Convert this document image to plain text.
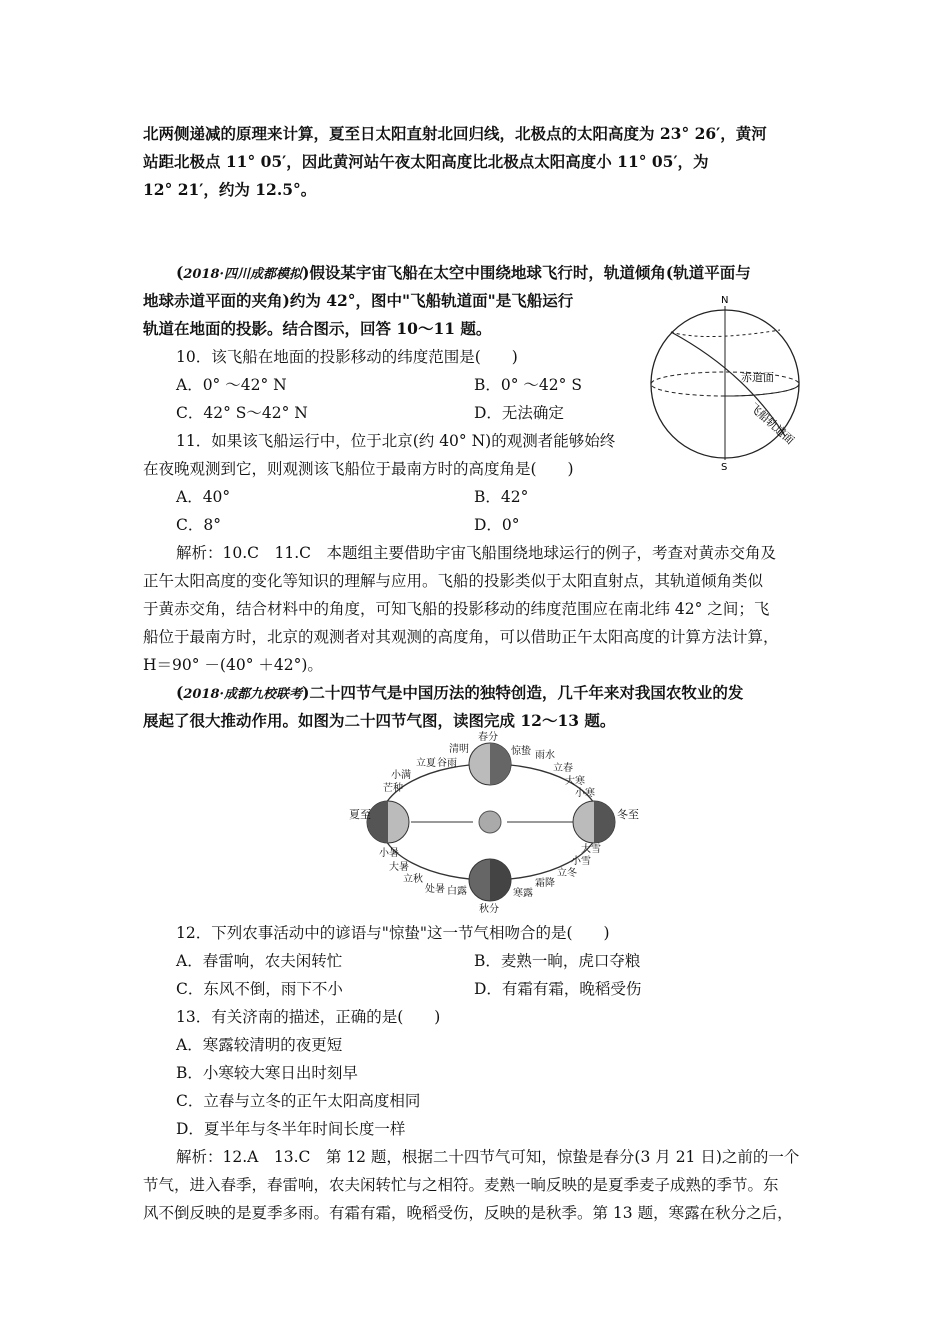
北两侧递减的原理来计算，夏至日太阳直射北回归线，北极点的太阳高度为 23° 26′，黄河
站距北极点 11° 05′，因此黄河站午夜太阳高度比北极点太阳高度小 11° 05′，为
12° 21′，约为 12.5°。
(2018·四川成都模拟)假设某宇宙飞船在太空中围绕地球飞行时，轨道倾角(轨道平面与
地球赤道平面的夹角)约为 42°，图中"飞船轨道面"是飞船运行
轨道在地面的投影。结合图示，回答 10～11 题。
10．该飞船在地面的投影移动的纬度范围是(　　)
A．0° ～42° N	B．0° ～42° S
C．42° S～42° N	D．无法确定
11．如果该飞船运行中，位于北京(约 40° N)的观测者能够始终
在夜晚观测到它，则观测该飞船位于最南方时的高度角是(　　)
A．40°	B．42°
C．8°	D．0°
N
S
赤道面
飞船轨道面
解析：10.C　11.C　本题组主要借助宇宙飞船围绕地球运行的例子，考查对黄赤交角及
正午太阳高度的变化等知识的理解与应用。飞船的投影类似于太阳直射点，其轨道倾角类似
于黄赤交角，结合材料中的角度，可知飞船的投影移动的纬度范围应在南北纬 42° 之间；飞
船位于最南方时，北京的观测者对其观测的高度角，可以借助正午太阳高度的计算方法计算，
H＝90° －(40° ＋42°)。
(2018·成都九校联考)二十四节气是中国历法的独特创造，几千年来对我国农牧业的发
展起了很大推动作用。如图为二十四节气图，读图完成 12～13 题。
春分
清明
谷雨
立夏
小满
芒种
惊蛰 雨水
立春
大寒
小寒
冬至
夏至
小暑
大暑
立秋
处暑 白露
秋分
寒露
霜降
立冬
小雪
大雪
12．下列农事活动中的谚语与"惊蛰"这一节气相吻合的是(　　)
A．春雷响，农夫闲转忙	B．麦熟一晌，虎口夺粮
C．东风不倒，雨下不小	D．有霜有霜，晚稻受伤
13．有关济南的描述，正确的是(　　)
A．寒露较清明的夜更短
B．小寒较大寒日出时刻早
C．立春与立冬的正午太阳高度相同
D．夏半年与冬半年时间长度一样
解析：12.A　13.C　第 12 题，根据二十四节气可知，惊蛰是春分(3 月 21 日)之前的一个
节气，进入春季，春雷响，农夫闲转忙与之相符。麦熟一晌反映的是夏季麦子成熟的季节。东
风不倒反映的是夏季多雨。有霜有霜，晚稻受伤，反映的是秋季。第 13 题，寒露在秋分之后，
